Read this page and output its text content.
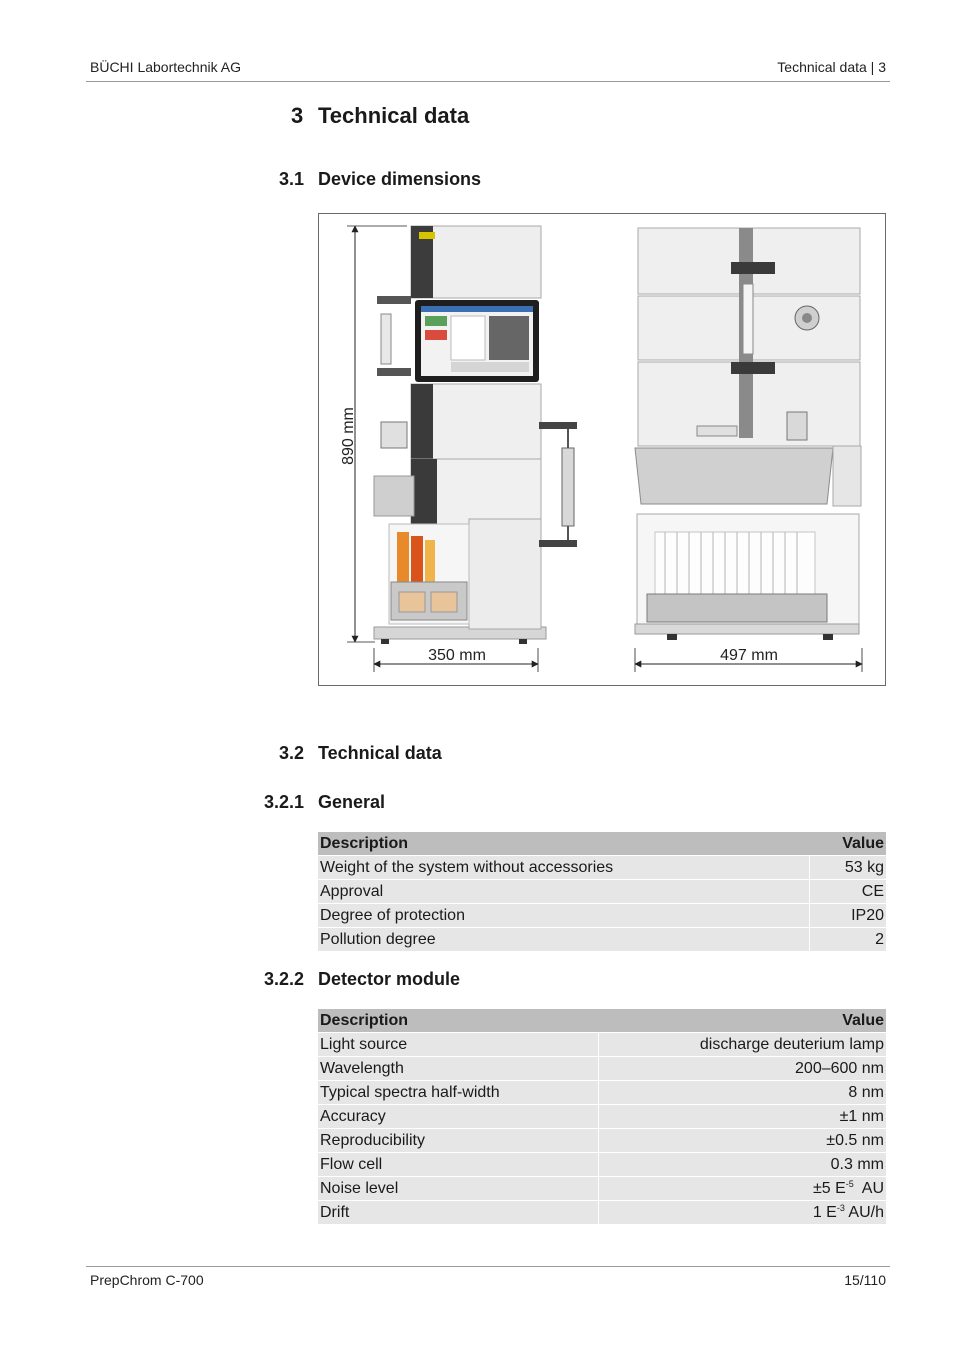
BÜCHI Labortechnik AG	Technical data | 3
3 Technical data
3.1 Device dimensions
890 mm
350 mm	497 mm
3.2 Technical data
3.2.1 General
Description	Value
Weight of the system without accessories	53 kg
Approval	CE
Degree of protection	IP20
Pollution degree	2
3.2.2 Detector module
Description	Value
Light source	discharge deuterium lamp
Wavelength	200–600 nm
Typical spectra half-width	8 nm
Accuracy	±1 nm
Reproducibility	±0.5 nm
Flow cell	0.3 mm
Noise level	±5 $E^{-5}$ AU
Drift	1 $E^{-3}$ AU/h
PrepChrom C-700	15/110
